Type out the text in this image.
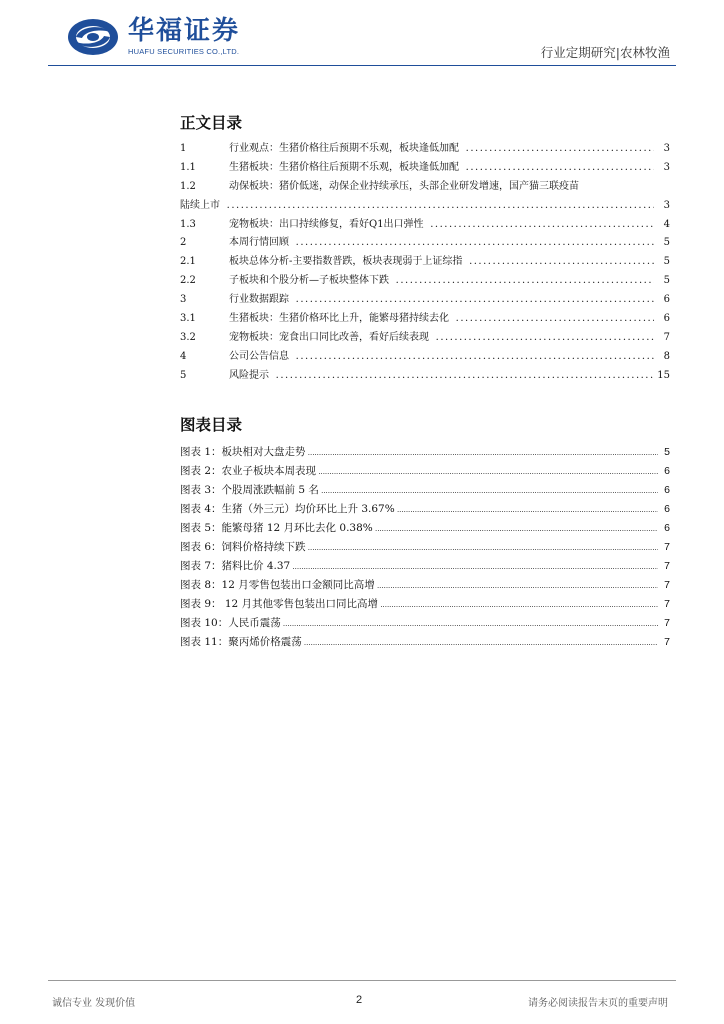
华福证券
HUAFU SECURITIES CO.,LTD.	行业定期研究|农林牧渔
正文目录
1	行业观点：生猪价格往后预期不乐观，板块逢低加配 .....	3
1.1	生猪板块：生猪价格往后预期不乐观，板块逢低加配 .....	3
1.2	动保板块：猪价低迷，动保企业持续承压，头部企业研发增速，国产猫三联疫苗
陆续上市 .....	3
1.3	宠物板块：出口持续修复，看好Q1出口弹性 .....	4
2	本周行情回顾 .....	5
2.1	板块总体分析-主要指数普跌，板块表现弱于上证综指 .....	5
2.2	子板块和个股分析—子板块整体下跌 .....	5
3	行业数据跟踪 .....	6
3.1	生猪板块：生猪价格环比上升，能繁母猪持续去化 .....	6
3.2	宠物板块：宠食出口同比改善，看好后续表现 .....	7
4	公司公告信息 .....	8
5	风险提示 .....	15
图表目录
图表 1：板块相对大盘走势 .....	5
图表 2：农业子板块本周表现 .....	6
图表 3：个股周涨跌幅前 5 名 .....	6
图表 4：生猪（外三元）均价环比上升 3.67% .....	6
图表 5：能繁母猪 12 月环比去化 0.38% .....	6
图表 6：饲料价格持续下跌 .....	7
图表 7：猪料比价 4.37 .....	7
图表 8：12 月零售包装出口金额同比高增 .....	7
图表 9： 12 月其他零售包装出口同比高增 .....	7
图表 10：人民币震荡 .....	7
图表 11：聚丙烯价格震荡 .....	7
诚信专业 发现价值	2	请务必阅读报告末页的重要声明
